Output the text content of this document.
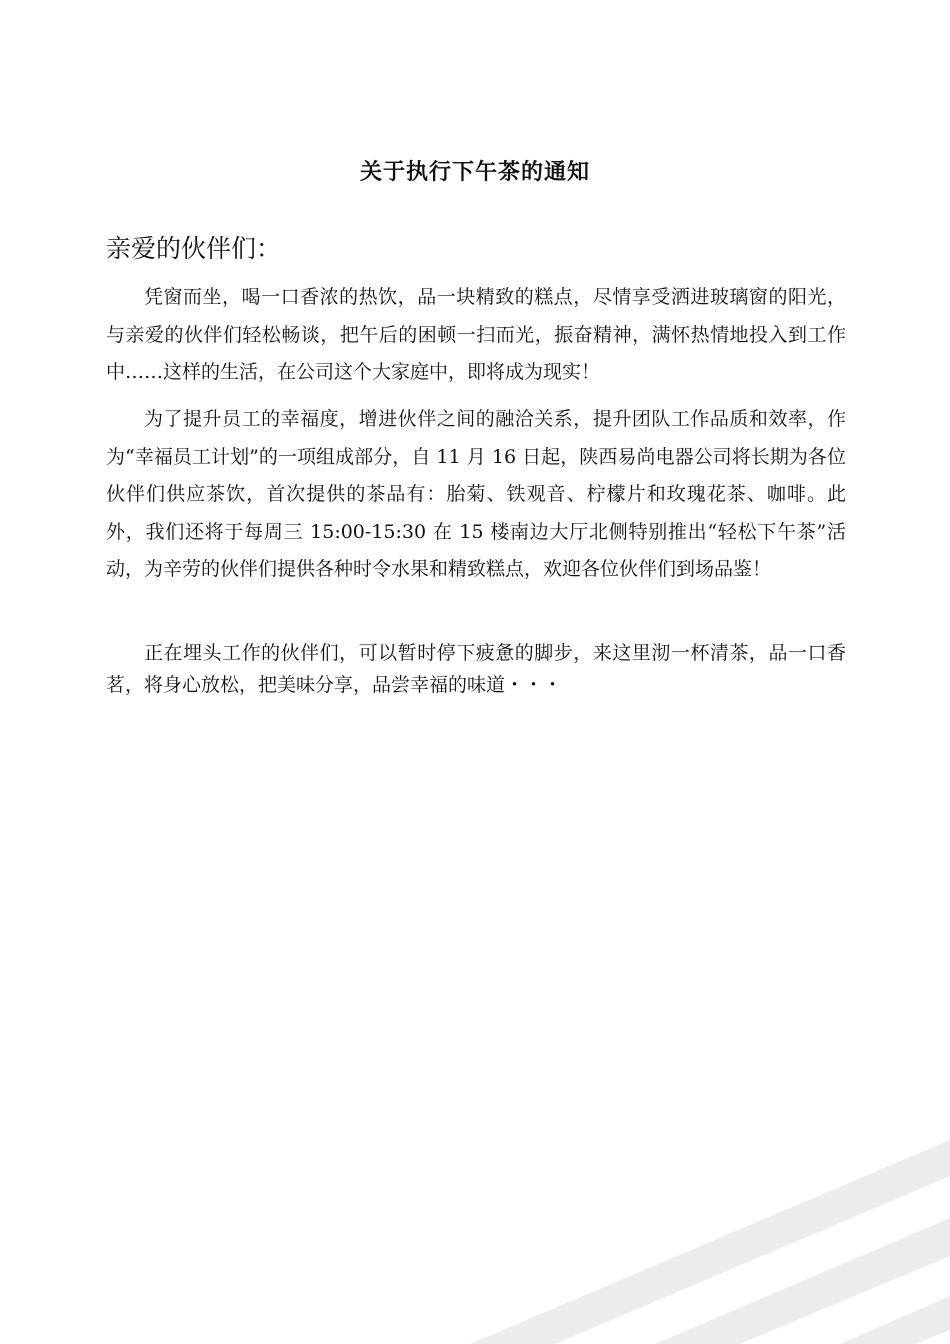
关于执行下午茶的通知
亲爱的伙伴们：

凭窗而坐，喝一口香浓的热饮，品一块精致的糕点，尽情享受洒进玻璃窗的阳光，与亲爱的伙伴们轻松畅谈，把午后的困顿一扫而光，振奋精神，满怀热情地投入到工作中……这样的生活，在公司这个大家庭中，即将成为现实！

为了提升员工的幸福度，增进伙伴之间的融洽关系，提升团队工作品质和效率，作为“幸福员工计划”的一项组成部分，自 11 月 16 日起，陕西易尚电器公司将长期为各位伙伴们供应茶饮，首次提供的茶品有：胎菊、铁观音、柠檬片和玫瑰花茶、咖啡。此外，我们还将于每周三 15:00-15:30 在 15 楼南边大厅北侧特别推出“轻松下午茶”活动，为辛劳的伙伴们提供各种时令水果和精致糕点，欢迎各位伙伴们到场品鉴！

正在埋头工作的伙伴们，可以暂时停下疲惫的脚步，来这里沏一杯清茶，品一口香茗，将身心放松，把美味分享，品尝幸福的味道・・・
